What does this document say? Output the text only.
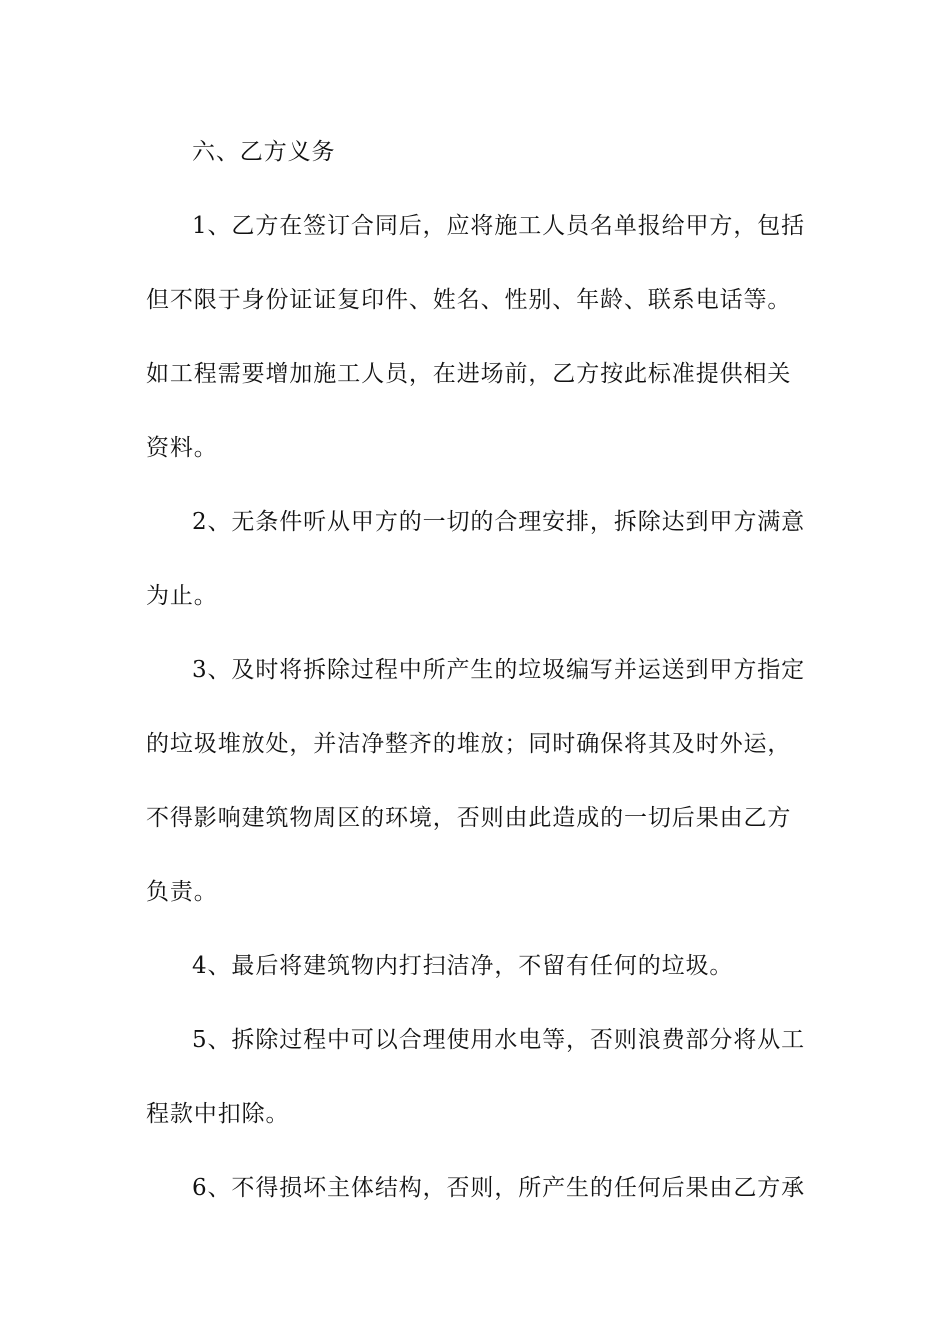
六、乙方义务
1、乙方在签订合同后，应将施工人员名单报给甲方，包括
但不限于身份证证复印件、姓名、性别、年龄、联系电话等。
如工程需要增加施工人员，在进场前，乙方按此标准提供相关
资料。
2、无条件听从甲方的一切的合理安排，拆除达到甲方满意
为止。
3、及时将拆除过程中所产生的垃圾编写并运送到甲方指定
的垃圾堆放处，并洁净整齐的堆放；同时确保将其及时外运，
不得影响建筑物周区的环境，否则由此造成的一切后果由乙方
负责。
4、最后将建筑物内打扫洁净，不留有任何的垃圾。
5、拆除过程中可以合理使用水电等，否则浪费部分将从工
程款中扣除。
6、不得损坏主体结构，否则，所产生的任何后果由乙方承
